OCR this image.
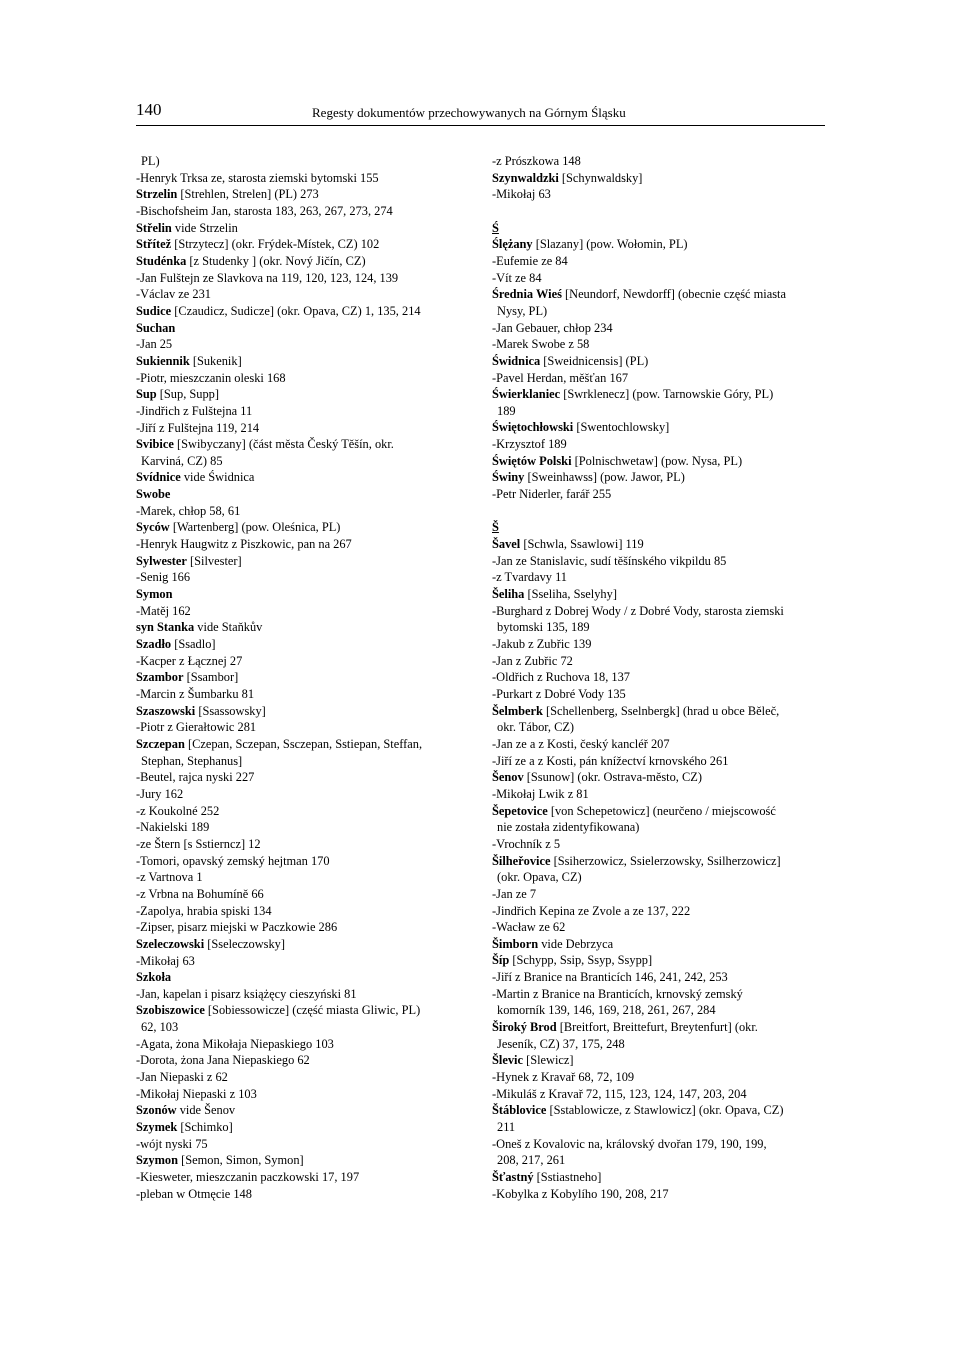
140	Regesty dokumentów przechowywanych na Górnym Śląsku
PL)
-Henryk Trksa ze, starosta ziemski bytomski 155
Strzelin [Strehlen, Strelen] (PL) 273
-Bischofsheim Jan, starosta 183, 263, 267, 273, 274
Střelin vide Strzelin
Střítež [Strzytecz] (okr. Frýdek-Místek, CZ) 102
Studénka [z Studenky ] (okr. Nový Jičín, CZ)
-Jan Fulštejn ze Slavkova na 119, 120, 123, 124, 139
-Václav ze 231
Sudice [Czaudicz, Sudicze] (okr. Opava, CZ) 1, 135, 214
Suchan
-Jan 25
Sukiennik [Sukenik]
-Piotr, mieszczanin oleski 168
Sup [Sup, Supp]
-Jindřich z Fulštejna 11
-Jiří z Fulštejna 119, 214
Svibice [Swibyczany] (část města Český Těšín, okr.
Karviná, CZ) 85
Svídnice vide Świdnica
Swobe
-Marek, chłop 58, 61
Syców [Wartenberg] (pow. Oleśnica, PL)
-Henryk Haugwitz z Piszkowic, pan na 267
Sylwester [Silvester]
-Senig 166
Symon
-Matěj 162
syn Stanka vide Staňkův
Szadło [Ssadlo]
-Kacper z Łącznej 27
Szambor [Ssambor]
-Marcin z Šumbarku 81
Szaszowski [Ssassowsky]
-Piotr z Gierałtowic 281
Szczepan [Czepan, Sczepan, Ssczepan, Sstiepan, Steffan,
Stephan, Stephanus]
-Beutel, rajca nyski 227
-Jury 162
-z Koukolné 252
-Nakielski 189
-ze Štern [s Sstierncz] 12
-Tomori, opavský zemský hejtman 170
-z Vartnova 1
-z Vrbna na Bohumíně 66
-Zapolya, hrabia spiski 134
-Zipser, pisarz miejski w Paczkowie 286
Szeleczowski [Sseleczowsky]
-Mikołaj 63
Szkoła
-Jan, kapelan i pisarz książęcy cieszyński 81
Szobiszowice [Sobiessowicze] (część miasta Gliwic, PL)
62, 103
-Agata, żona Mikołaja Niepaskiego 103
-Dorota, żona Jana Niepaskiego 62
-Jan Niepaski z 62
-Mikołaj Niepaski z 103
Szonów vide Šenov
Szymek [Schimko]
-wójt nyski 75
Szymon [Semon, Simon, Symon]
-Kiesweter, mieszczanin paczkowski 17, 197
-pleban w Otmęcie 148
-z Prószkowa 148
Szynwaldzki [Schynwaldsky]
-Mikołaj 63
Ś
Ślężany [Slazany] (pow. Wołomin, PL)
-Eufemie ze 84
-Vít ze 84
Średnia Wieś [Neundorf, Newdorff] (obecnie część miasta
Nysy, PL)
-Jan Gebauer, chłop 234
-Marek Swobe z 58
Świdnica [Sweidnicensis] (PL)
-Pavel Herdan, měšťan 167
Świerklaniec [Swrklenecz] (pow. Tarnowskie Góry, PL)
189
Świętochłowski [Swentochlowsky]
-Krzysztof 189
Świętów Polski [Polnischwetaw] (pow. Nysa, PL)
Świny [Sweinhawss] (pow. Jawor, PL)
-Petr Niderler, farář 255
Š
Šavel [Schwla, Ssawlowi] 119
-Jan ze Stanislavic, sudí těšínského vikpildu 85
-z Tvardavy 11
Šeliha [Sseliha, Sselyhy]
-Burghard z Dobrej Wody / z Dobré Vody, starosta ziemski
bytomski 135, 189
-Jakub z Zubřic 139
-Jan z Zubřic 72
-Oldřich z Ruchova 18, 137
-Purkart z Dobré Vody 135
Šelmberk [Schellenberg, Sselnbergk] (hrad u obce Běleč,
okr. Tábor, CZ)
-Jan ze a z Kosti, český kancléř 207
-Jiří ze a z Kosti, pán knížectví krnovského 261
Šenov [Ssunow] (okr. Ostrava-město, CZ)
-Mikołaj Lwik z 81
Šepetovice [von Schepetowicz] (neurčeno / miejscowość
nie została zidentyfikowana)
-Vrochník z 5
Šilheřovice [Ssiherzowicz, Ssielerzowsky, Ssilherzowicz]
(okr. Opava, CZ)
-Jan ze 7
-Jindřich Kepina ze Zvole a ze 137, 222
-Wacław ze 62
Šimborn vide Debrzyca
Šíp [Schypp, Ssip, Ssyp, Ssypp]
-Jiří z Branice na Branticích 146, 241, 242, 253
-Martin z Branice na Branticích, krnovský zemský
komorník 139, 146, 169, 218, 261, 267, 284
Široký Brod [Breitfort, Breittefurt, Breytenfurt] (okr.
Jeseník, CZ) 37, 175, 248
Šlevic [Slewicz]
-Hynek z Kravař 68, 72, 109
-Mikuláš z Kravař 72, 115, 123, 124, 147, 203, 204
Štáblovice [Sstablowicze, z Stawlowicz] (okr. Opava, CZ)
211
-Oneš z Kovalovic na, královský dvořan 179, 190, 199,
208, 217, 261
Šťastný [Sstiastneho]
-Kobylka z Kobylího 190, 208, 217
